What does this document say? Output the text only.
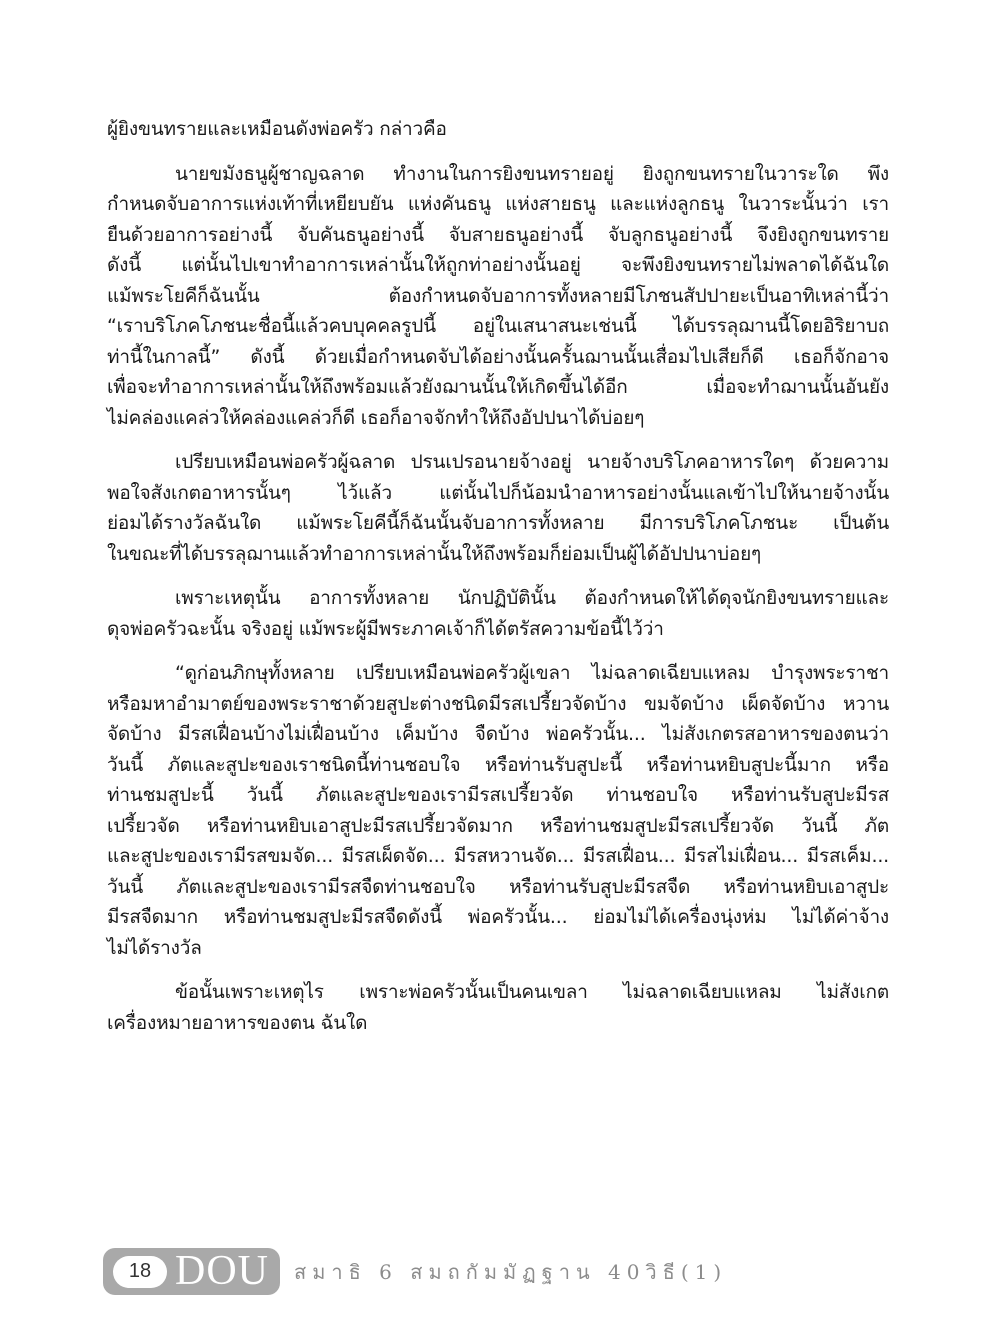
ผู้ยิงขนทรายและเหมือนดังพ่อครัว กล่าวคือ
นายขมังธนูผู้ชาญฉลาด ทำงานในการยิงขนทรายอยู่ ยิงถูกขนทรายในวาระใด พึง
กำหนดจับอาการแห่งเท้าที่เหยียบยัน แห่งคันธนู แห่งสายธนู และแห่งลูกธนู ในวาระนั้นว่า เรา
ยืนด้วยอาการอย่างนี้ จับคันธนูอย่างนี้ จับสายธนูอย่างนี้ จับลูกธนูอย่างนี้ จึงยิงถูกขนทราย
ดังนี้ แต่นั้นไปเขาทำอาการเหล่านั้นให้ถูกท่าอย่างนั้นอยู่ จะพึงยิงขนทรายไม่พลาดได้ฉันใด
แม้พระโยคีก็ฉันนั้น ต้องกำหนดจับอาการทั้งหลายมีโภชนสัปปายะเป็นอาทิเหล่านี้ว่า
“เราบริโภคโภชนะชื่อนี้แล้วคบบุคคลรูปนี้ อยู่ในเสนาสนะเช่นนี้ ได้บรรลุฌานนี้โดยอิริยาบถ
ท่านี้ในกาลนี้” ดังนี้ ด้วยเมื่อกำหนดจับได้อย่างนั้นครั้นฌานนั้นเสื่อมไปเสียก็ดี เธอก็จักอาจ
เพื่อจะทำอาการเหล่านั้นให้ถึงพร้อมแล้วยังฌานนั้นให้เกิดขึ้นได้อีก เมื่อจะทำฌานนั้นอันยัง
ไม่คล่องแคล่วให้คล่องแคล่วก็ดี เธอก็อาจจักทำให้ถึงอัปปนาได้บ่อยๆ
เปรียบเหมือนพ่อครัวผู้ฉลาด ปรนเปรอนายจ้างอยู่ นายจ้างบริโภคอาหารใดๆ ด้วยความ
พอใจสังเกตอาหารนั้นๆ ไว้แล้ว แต่นั้นไปก็น้อมนำอาหารอย่างนั้นแลเข้าไปให้นายจ้างนั้น
ย่อมได้รางวัลฉันใด แม้พระโยคีนี้ก็ฉันนั้นจับอาการทั้งหลาย มีการบริโภคโภชนะ เป็นต้น
ในขณะที่ได้บรรลุฌานแล้วทำอาการเหล่านั้นให้ถึงพร้อมก็ย่อมเป็นผู้ได้อัปปนาบ่อยๆ
เพราะเหตุนั้น อาการทั้งหลาย นักปฏิบัตินั้น ต้องกำหนดให้ได้ดุจนักยิงขนทรายและ
ดุจพ่อครัวฉะนั้น จริงอยู่ แม้พระผู้มีพระภาคเจ้าก็ได้ตรัสความข้อนี้ไว้ว่า
“ดูก่อนภิกษุทั้งหลาย เปรียบเหมือนพ่อครัวผู้เขลา ไม่ฉลาดเฉียบแหลม บำรุงพระราชา
หรือมหาอำมาตย์ของพระราชาด้วยสูปะต่างชนิดมีรสเปรี้ยวจัดบ้าง ขมจัดบ้าง เผ็ดจัดบ้าง หวาน
จัดบ้าง มีรสเฝื่อนบ้างไม่เฝื่อนบ้าง เค็มบ้าง จืดบ้าง พ่อครัวนั้น... ไม่สังเกตรสอาหารของตนว่า
วันนี้ ภัตและสูปะของเราชนิดนี้ท่านชอบใจ หรือท่านรับสูปะนี้ หรือท่านหยิบสูปะนี้มาก หรือ
ท่านชมสูปะนี้ วันนี้ ภัตและสูปะของเรามีรสเปรี้ยวจัด ท่านชอบใจ หรือท่านรับสูปะมีรส
เปรี้ยวจัด หรือท่านหยิบเอาสูปะมีรสเปรี้ยวจัดมาก หรือท่านชมสูปะมีรสเปรี้ยวจัด วันนี้ ภัต
และสูปะของเรามีรสขมจัด... มีรสเผ็ดจัด... มีรสหวานจัด... มีรสเฝื่อน... มีรสไม่เฝื่อน... มีรสเค็ม...
วันนี้ ภัตและสูปะของเรามีรสจืดท่านชอบใจ หรือท่านรับสูปะมีรสจืด หรือท่านหยิบเอาสูปะ
มีรสจืดมาก หรือท่านชมสูปะมีรสจืดดังนี้ พ่อครัวนั้น... ย่อมไม่ได้เครื่องนุ่งห่ม ไม่ได้ค่าจ้าง
ไม่ได้รางวัล
ข้อนั้นเพราะเหตุไร เพราะพ่อครัวนั้นเป็นคนเขลา ไม่ฉลาดเฉียบแหลม ไม่สังเกต
เครื่องหมายอาหารของตน ฉันใด
18 DOU สมาธิ 6 สมถกัมมัฏฐาน 40วิธี(1)
